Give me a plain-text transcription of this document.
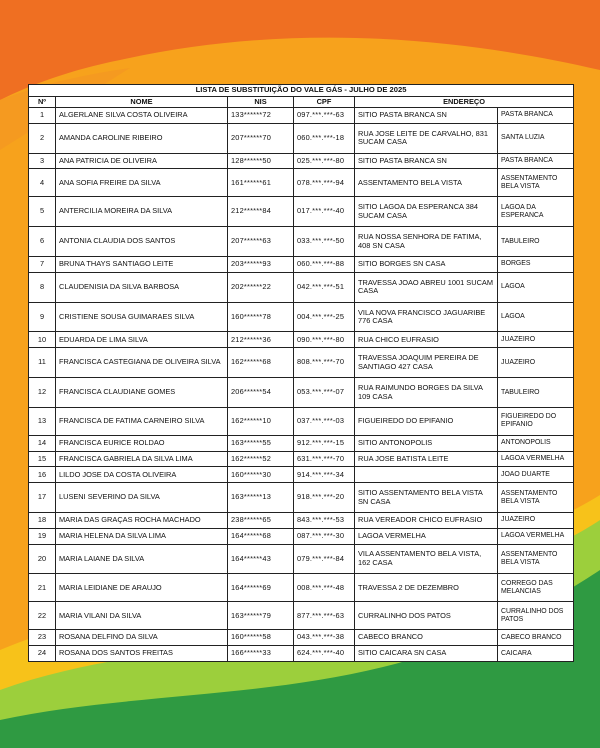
LISTA DE SUBSTITUIÇÃO DO VALE GÁS - JULHO DE 2025					
Nº	NOME	NIS	CPF	ENDEREÇO	
1	ALGERLANE SILVA COSTA OLIVEIRA	133******72	097.***.***-63	SITIO PASTA BRANCA SN	PASTA BRANCA
2	AMANDA CAROLINE RIBEIRO	207******70	060.***.***-18	RUA JOSE LEITE DE CARVALHO, 831 SUCAM CASA	SANTA LUZIA
3	ANA PATRICIA DE OLIVEIRA	128******50	025.***.***-80	SITIO PASTA BRANCA SN	PASTA BRANCA
4	ANA SOFIA FREIRE DA SILVA	161******61	078.***.***-94	ASSENTAMENTO BELA VISTA	ASSENTAMENTO BELA VISTA
5	ANTERCILIA MOREIRA DA SILVA	212******84	017.***.***-40	SITIO LAGOA DA ESPERANCA 384 SUCAM CASA	LAGOA DA ESPERANCA
6	ANTONIA CLAUDIA DOS SANTOS	207******63	033.***.***-50	RUA NOSSA SENHORA DE FATIMA, 408 SN CASA	TABULEIRO
7	BRUNA THAYS SANTIAGO LEITE	203******93	060.***.***-88	SITIO BORGES SN CASA	BORGES
8	CLAUDENISIA DA SILVA BARBOSA	202******22	042.***.***-51	TRAVESSA JOAO ABREU 1001 SUCAM CASA	LAGOA
9	CRISTIENE SOUSA GUIMARAES SILVA	160******78	004.***.***-25	VILA NOVA FRANCISCO JAGUARIBE 776 CASA	LAGOA
10	EDUARDA DE LIMA SILVA	212******36	090.***.***-80	RUA CHICO EUFRASIO	JUAZEIRO
11	FRANCISCA CASTEGIANA DE OLIVEIRA SILVA	162******68	808.***.***-70	TRAVESSA JOAQUIM PEREIRA DE SANTIAGO 427 CASA	JUAZEIRO
12	FRANCISCA CLAUDIANE GOMES	206******54	053.***.***-07	RUA RAIMUNDO BORGES DA SILVA 109 CASA	TABULEIRO
13	FRANCISCA DE FATIMA CARNEIRO SILVA	162******10	037.***.***-03	FIGUEIREDO DO EPIFANIO	FIGUEIREDO DO EPIFANIO
14	FRANCISCA EURICE ROLDAO	163******55	912.***.***-15	SITIO ANTONOPOLIS	ANTONOPOLIS
15	FRANCISCA GABRIELA DA SILVA LIMA	162******52	631.***.***-70	RUA JOSE BATISTA LEITE	LAGOA VERMELHA
16	LILDO JOSE DA COSTA OLIVEIRA	160******30	914.***.***-34		JOAO DUARTE
17	LUSENI SEVERINO DA SILVA	163******13	918.***.***-20	SITIO ASSENTAMENTO BELA VISTA SN CASA	ASSENTAMENTO BELA VISTA
18	MARIA DAS GRAÇAS ROCHA MACHADO	238******65	843.***.***-53	RUA VEREADOR CHICO EUFRASIO	JUAZEIRO
19	MARIA HELENA DA SILVA LIMA	164******68	087.***.***-30	LAGOA VERMELHA	LAGOA VERMELHA
20	MARIA LAIANE DA SILVA	164******43	079.***.***-84	VILA ASSENTAMENTO BELA VISTA, 162 CASA	ASSENTAMENTO BELA VISTA
21	MARIA LEIDIANE DE ARAUJO	164******69	008.***.***-48	TRAVESSA 2 DE DEZEMBRO	CORREGO DAS MELANCIAS
22	MARIA VILANI DA SILVA	163******79	877.***.***-63	CURRALINHO DOS PATOS	CURRALINHO DOS PATOS
23	ROSANA DELFINO DA SILVA	160******58	043.***.***-38	CABECO BRANCO	CABECO BRANCO
24	ROSANA DOS SANTOS FREITAS	166******33	624.***.***-40	SITIO CAICARA SN CASA	CAICARA
